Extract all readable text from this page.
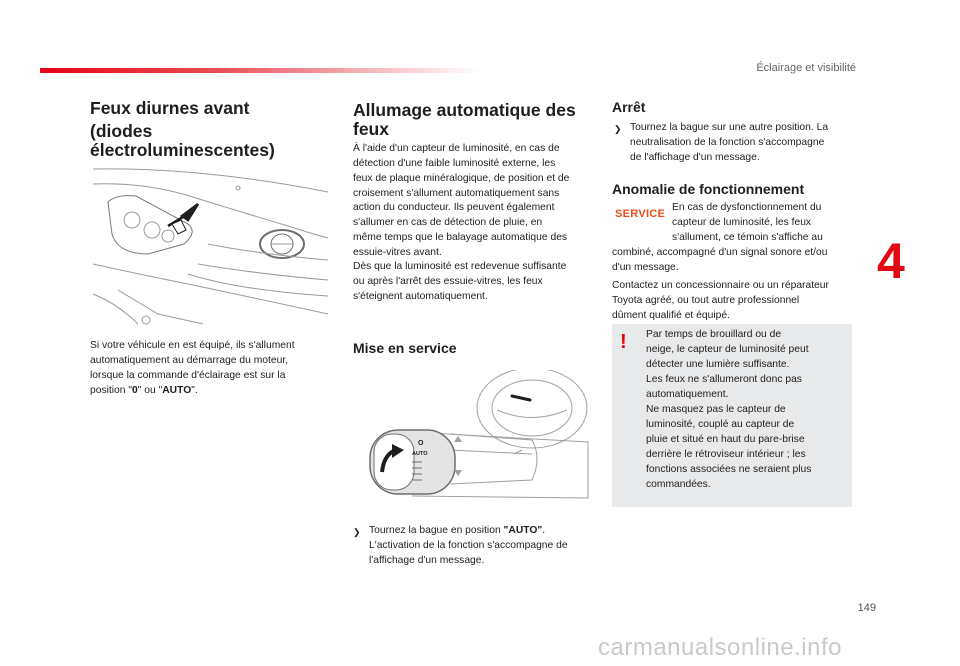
Éclairage et visibilité
4
149
Feux diurnes avant
(diodes
électroluminescentes)
Si votre véhicule en est équipé, ils s'allument
automatiquement au démarrage du moteur,
lorsque la commande d'éclairage est sur la
position "0" ou "AUTO".
Allumage automatique des
feux
À l'aide d'un capteur de luminosité, en cas de
détection d'une faible luminosité externe, les
feux de plaque minéralogique, de position et de
croisement s'allument automatiquement sans
action du conducteur. Ils peuvent également
s'allumer en cas de détection de pluie, en
même temps que le balayage automatique des
essuie-vitres avant.
Dès que la luminosité est redevenue suffisante
ou après l'arrêt des essuie-vitres, les feux
s'éteignent automatiquement.
Mise en service
O
AUTO
❯ Tournez la bague en position "AUTO".
L'activation de la fonction s'accompagne de
l'affichage d'un message.
Arrêt
❯ Tournez la bague sur une autre position. La
neutralisation de la fonction s'accompagne
de l'affichage d'un message.
Anomalie de fonctionnement
SERVICE
En cas de dysfonctionnement du
capteur de luminosité, les feux
s'allument, ce témoin s'affiche au
combiné, accompagné d'un signal sonore et/ou
d'un message.
Contactez un concessionnaire ou un réparateur
Toyota agréé, ou tout autre professionnel
dûment qualifié et équipé.
!	Par temps de brouillard ou de
neige, le capteur de luminosité peut
détecter une lumière suffisante.
Les feux ne s'allumeront donc pas
automatiquement.
Ne masquez pas le capteur de
luminosité, couplé au capteur de
pluie et situé en haut du pare-brise
derrière le rétroviseur intérieur ; les
fonctions associées ne seraient plus
commandées.
carmanualsonline.info
